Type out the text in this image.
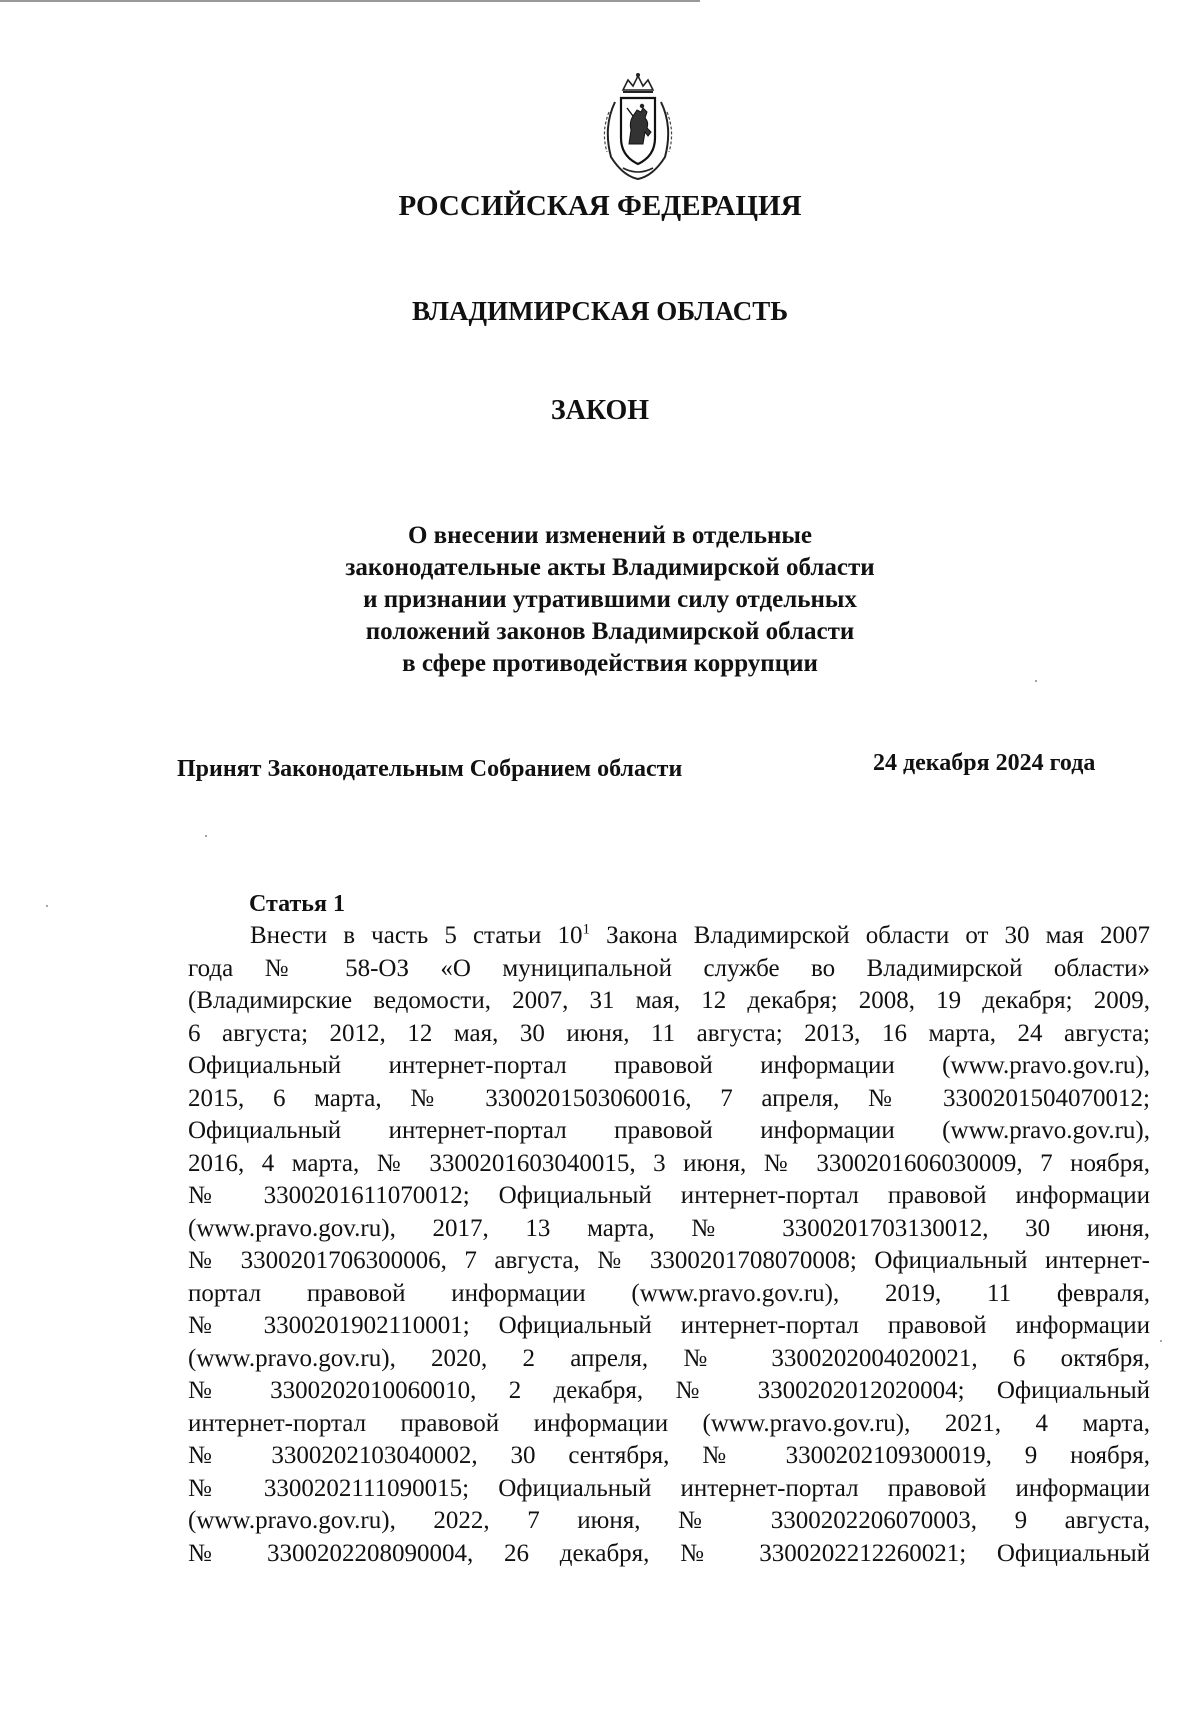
РОССИЙСКАЯ ФЕДЕРАЦИЯ
ВЛАДИМИРСКАЯ ОБЛАСТЬ
ЗАКОН
О внесении изменений в отдельные
законодательные акты Владимирской области
и признании утратившими силу отдельных
положений законов Владимирской области
в сфере противодействия коррупции
Принят Законодательным Собранием области	24 декабря 2024 года
Статья 1
Внести в часть 5 статьи $10^1$ Закона Владимирской области от 30 мая 2007
года № 58-ОЗ «О муниципальной службе во Владимирской области»
(Владимирские ведомости, 2007, 31 мая, 12 декабря; 2008, 19 декабря; 2009,
6 августа; 2012, 12 мая, 30 июня, 11 августа; 2013, 16 марта, 24 августа;
Официальный интернет-портал правовой информации (www.pravo.gov.ru),
2015, 6 марта, № 3300201503060016, 7 апреля, № 3300201504070012;
Официальный интернет-портал правовой информации (www.pravo.gov.ru),
2016, 4 марта, № 3300201603040015, 3 июня, № 3300201606030009, 7 ноября,
№ 3300201611070012; Официальный интернет-портал правовой информации
(www.pravo.gov.ru), 2017, 13 марта, № 3300201703130012, 30 июня,
№ 3300201706300006, 7 августа, № 3300201708070008; Официальный интернет-
портал правовой информации (www.pravo.gov.ru), 2019, 11 февраля,
№ 3300201902110001; Официальный интернет-портал правовой информации
(www.pravo.gov.ru), 2020, 2 апреля, № 3300202004020021, 6 октября,
№ 3300202010060010, 2 декабря, № 3300202012020004; Официальный
интернет-портал правовой информации (www.pravo.gov.ru), 2021, 4 марта,
№ 3300202103040002, 30 сентября, № 3300202109300019, 9 ноября,
№ 3300202111090015; Официальный интернет-портал правовой информации
(www.pravo.gov.ru), 2022, 7 июня, № 3300202206070003, 9 августа,
№ 3300202208090004, 26 декабря, № 3300202212260021; Официальный
